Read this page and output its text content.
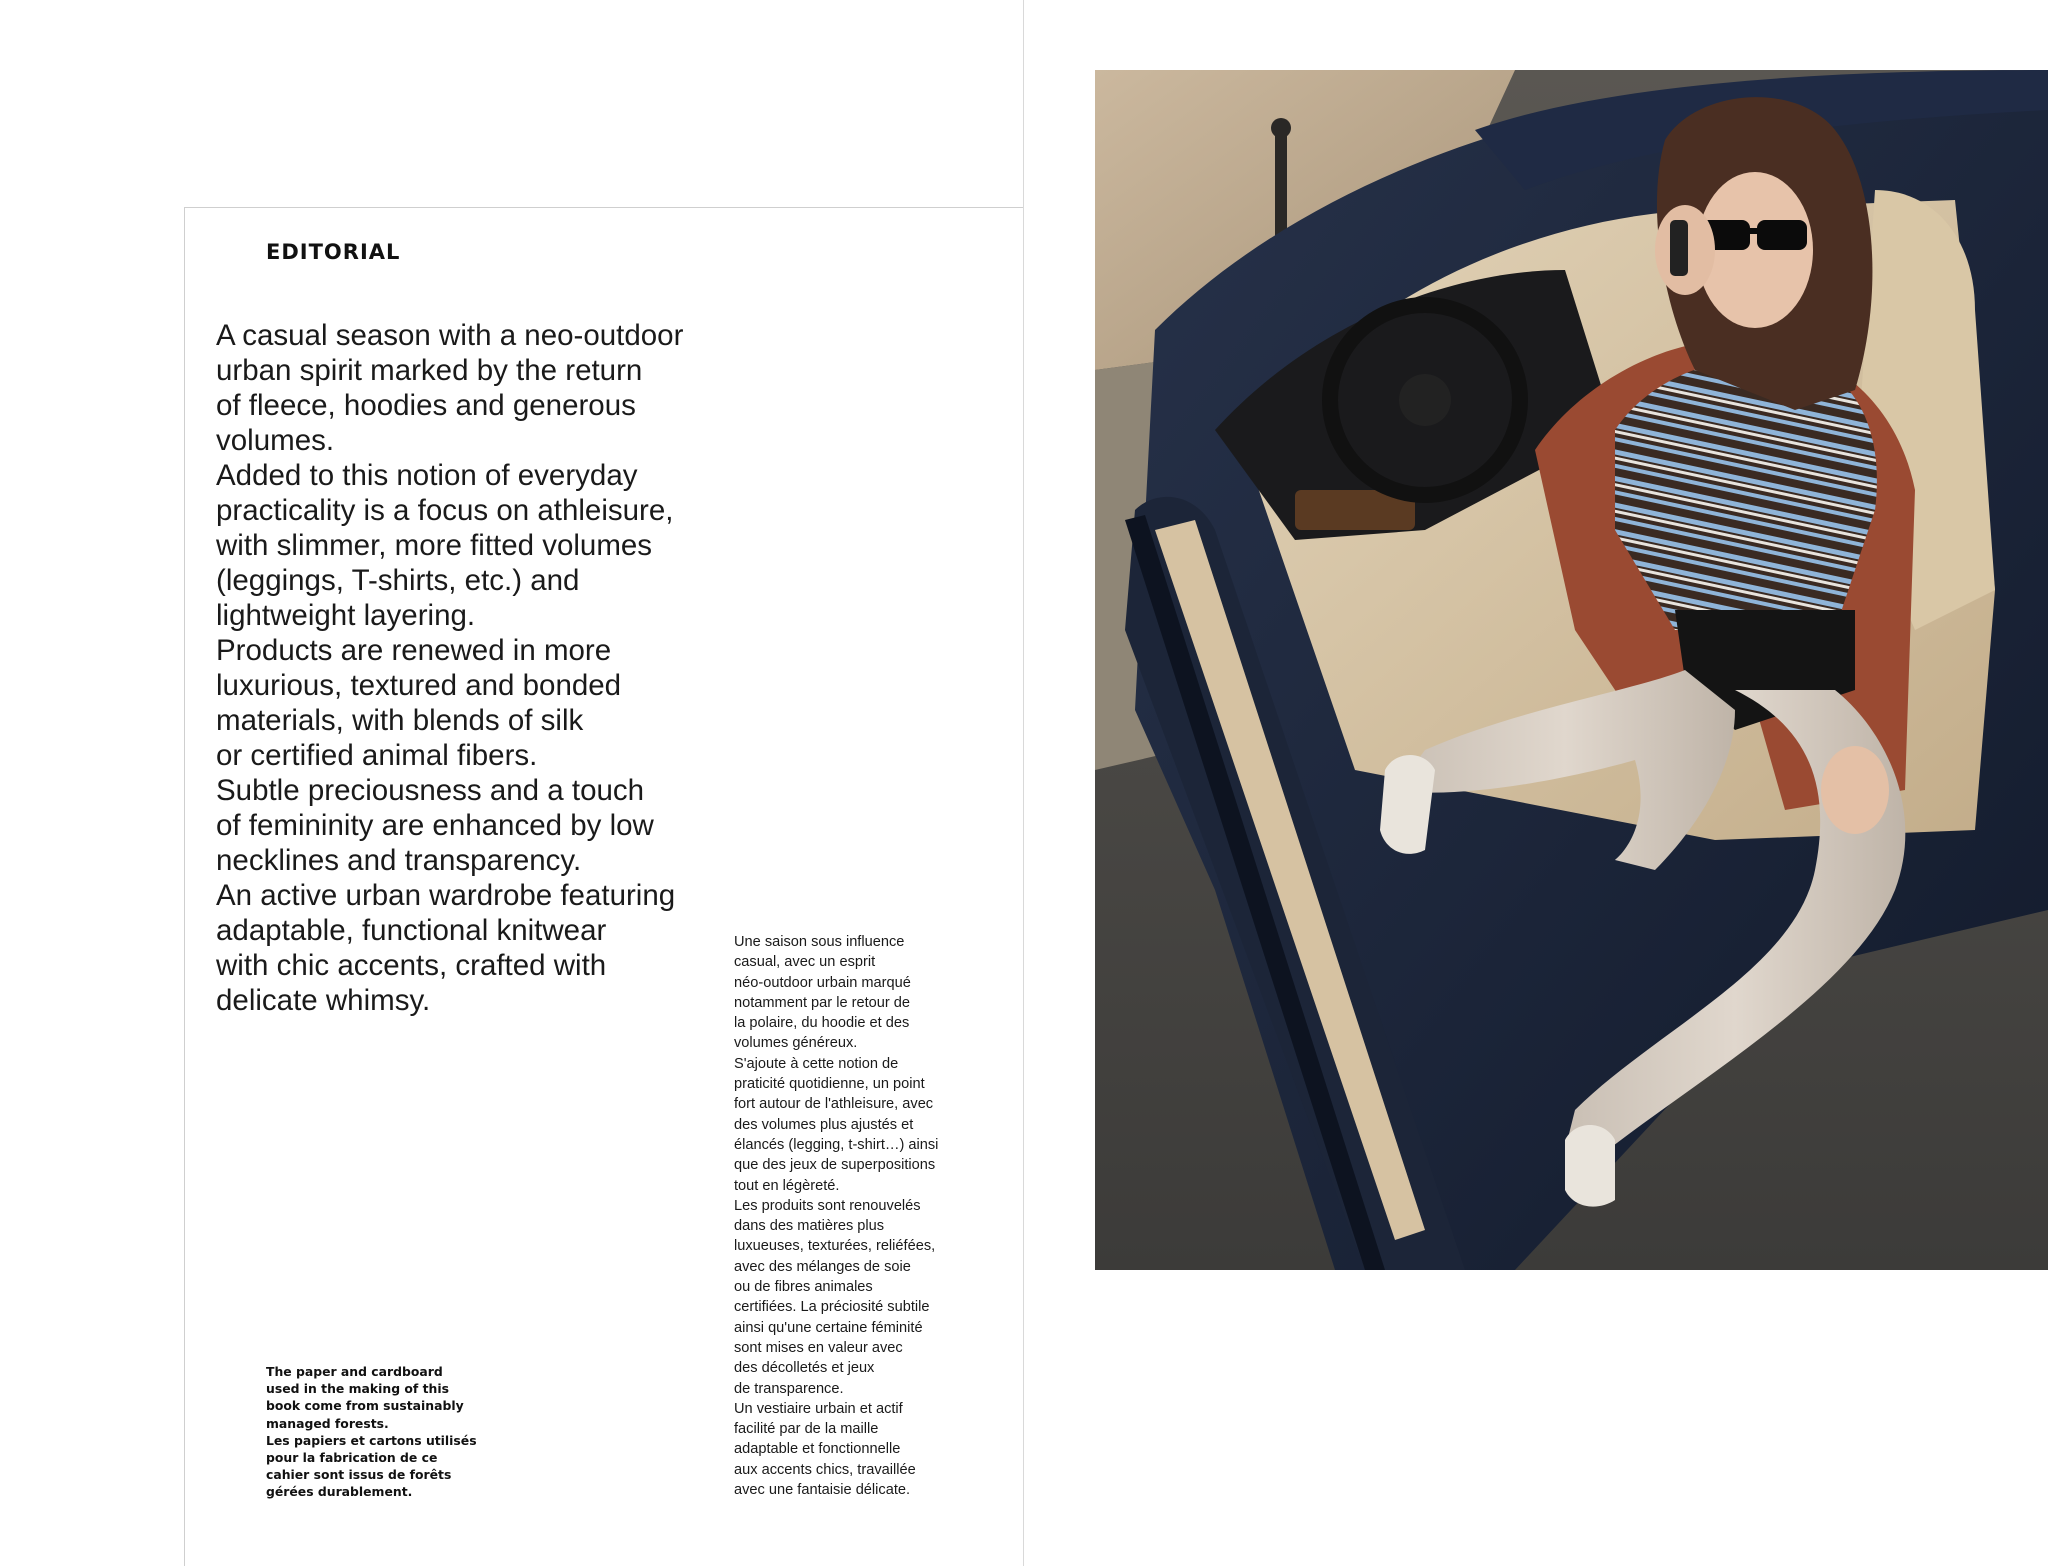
EDITORIAL

A casual season with a neo-outdoor

urban spirit marked by the return

of fleece, hoodies and generous

volumes.

Added to this notion of everyday

practicality is a focus on athleisure,

with slimmer, more fitted volumes

(leggings, T-shirts, etc.) and

lightweight layering.

Products are renewed in more

luxurious, textured and bonded

materials, with blends of silk

or certified animal fibers.

Subtle preciousness and a touch

of femininity are enhanced by low

necklines and transparency.

An active urban wardrobe featuring

adaptable, functional knitwear

with chic accents, crafted with

delicate whimsy.

Une saison sous influence

casual, avec un esprit

néo-outdoor urbain marqué

notamment par le retour de

la polaire, du hoodie et des

volumes généreux.

S'ajoute à cette notion de

praticité quotidienne, un point

fort autour de l'athleisure, avec

des volumes plus ajustés et

élancés (legging, t-shirt…) ainsi

que des jeux de superpositions

tout en légèreté.

Les produits sont renouvelés

dans des matières plus

luxueuses, texturées, reliéfées,

avec des mélanges de soie

ou de fibres animales

certifiées. La préciosité subtile

ainsi qu'une certaine féminité

sont mises en valeur avec

des décolletés et jeux

de transparence.

Un vestiaire urbain et actif

facilité par de la maille

adaptable et fonctionnelle

aux accents chics, travaillée

avec une fantaisie délicate.

The paper and cardboard

used in the making of this

book come from sustainably

managed forests.

Les papiers et cartons utilisés

pour la fabrication de ce

cahier sont issus de forêts

gérées durablement.
